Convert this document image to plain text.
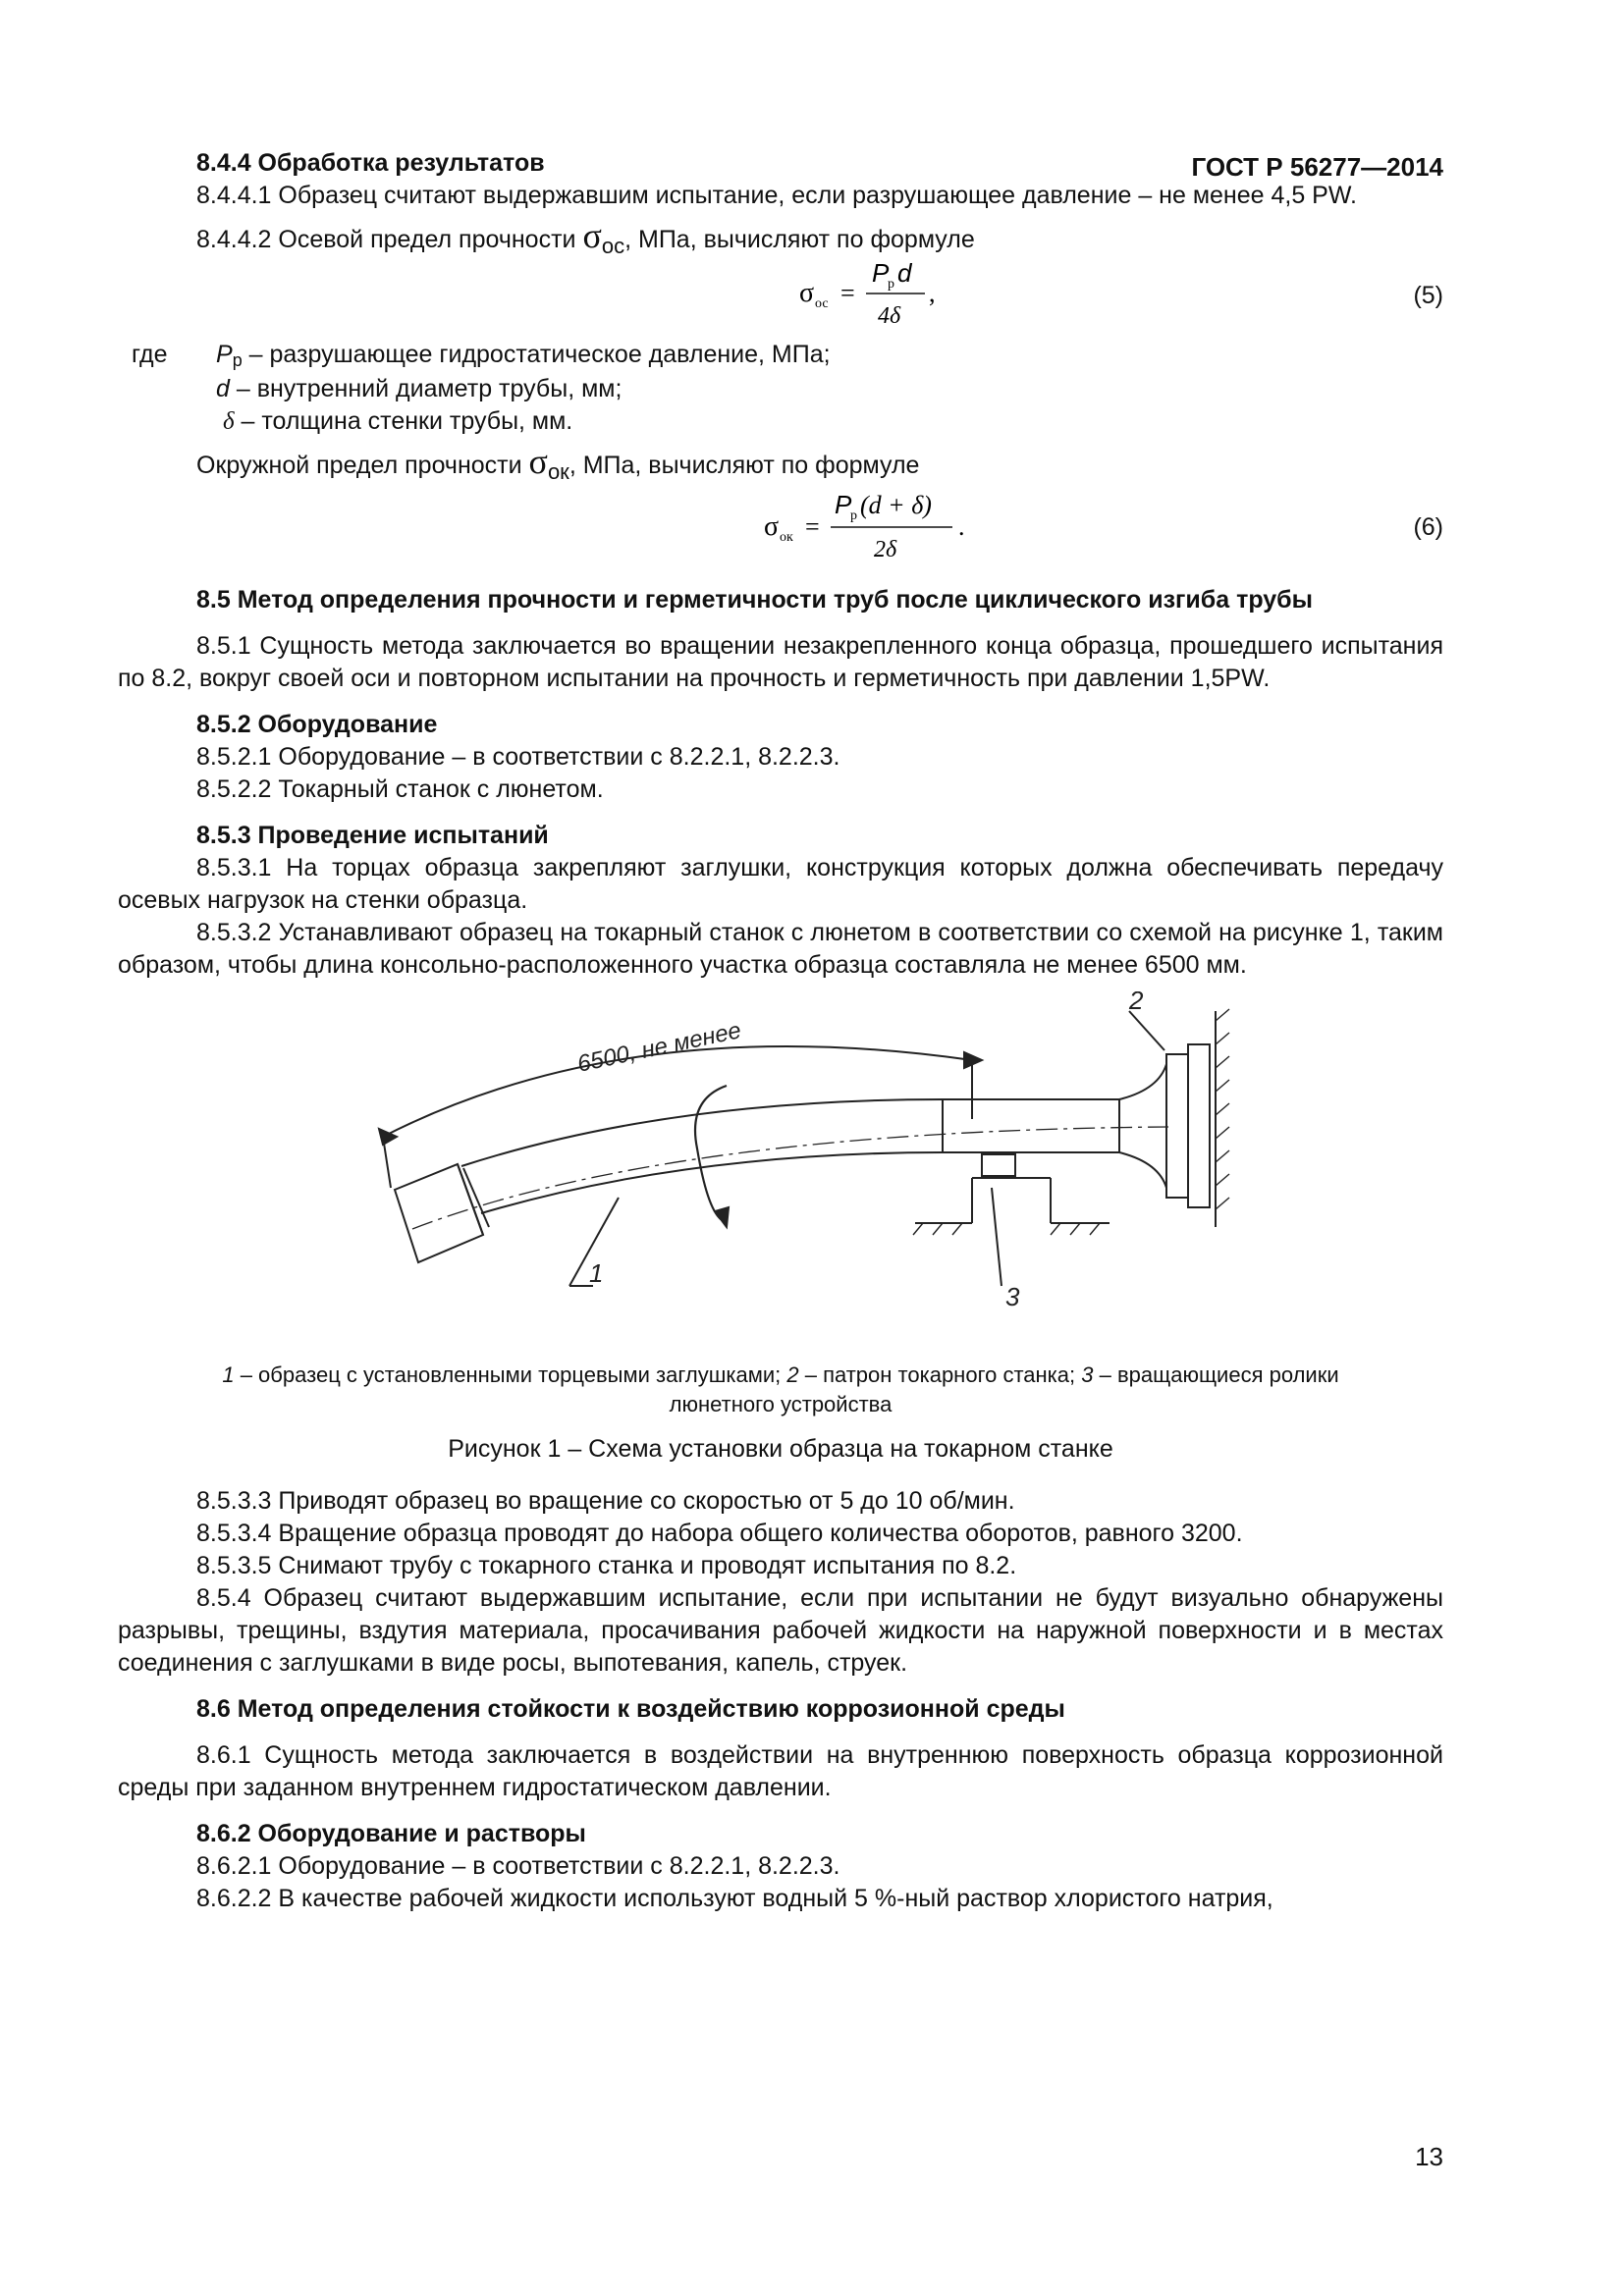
ГОСТ Р 56277—2014
8.4.4 Обработка результатов

8.4.4.1 Образец считают выдержавшим испытание, если разрушающее давление – не менее 4,5 PW.

8.4.4.2 Осевой предел прочности σос, МПа, вычисляют по формуле

σ ос =
P
p d
4δ
,	(5)
где Pp – разрушающее гидростатическое давление, МПа;
d – внутренний диаметр трубы, мм;
δ – толщина стенки трубы, мм.

Окружной предел прочности σок, МПа, вычисляют по формуле

σ ок =
P
p (d + δ)
2δ
.	(6)
8.5 Метод определения прочности и герметичности труб после циклического изгиба трубы

8.5.1 Сущность метода заключается во вращении незакрепленного конца образца, прошедшего испытания по 8.2, вокруг своей оси и повторном испытании на прочность и герметичность при давлении 1,5PW.

8.5.2 Оборудование

8.5.2.1 Оборудование – в соответствии с 8.2.2.1, 8.2.2.3.

8.5.2.2 Токарный станок с люнетом.

8.5.3 Проведение испытаний

8.5.3.1 На торцах образца закрепляют заглушки, конструкция которых должна обеспечивать передачу осевых нагрузок на стенки образца.

8.5.3.2 Устанавливают образец на токарный станок с люнетом в соответствии со схемой на рисунке 1, таким образом, чтобы длина консольно-расположенного участка образца составляла не менее 6500 мм.

6500, не менее
1
2
3
1 – образец с установленными торцевыми заглушками; 2 – патрон токарного станка; 3 – вращающиеся ролики люнетного устройства
Рисунок 1 – Схема установки образца на токарном станке

8.5.3.3 Приводят образец во вращение со скоростью от 5 до 10 об/мин.

8.5.3.4 Вращение образца проводят до набора общего количества оборотов, равного 3200.

8.5.3.5 Снимают трубу с токарного станка и проводят испытания по 8.2.

8.5.4 Образец считают выдержавшим испытание, если при испытании не будут визуально обнаружены разрывы, трещины, вздутия материала, просачивания рабочей жидкости на наружной поверхности и в местах соединения с заглушками в виде росы, выпотевания, капель, струек.

8.6 Метод определения стойкости к воздействию коррозионной среды

8.6.1 Сущность метода заключается в воздействии на внутреннюю поверхность образца коррозионной среды при заданном внутреннем гидростатическом давлении.

8.6.2 Оборудование и растворы

8.6.2.1 Оборудование – в соответствии с 8.2.2.1, 8.2.2.3.

8.6.2.2 В качестве рабочей жидкости используют водный 5 %-ный раствор хлористого натрия,

13
